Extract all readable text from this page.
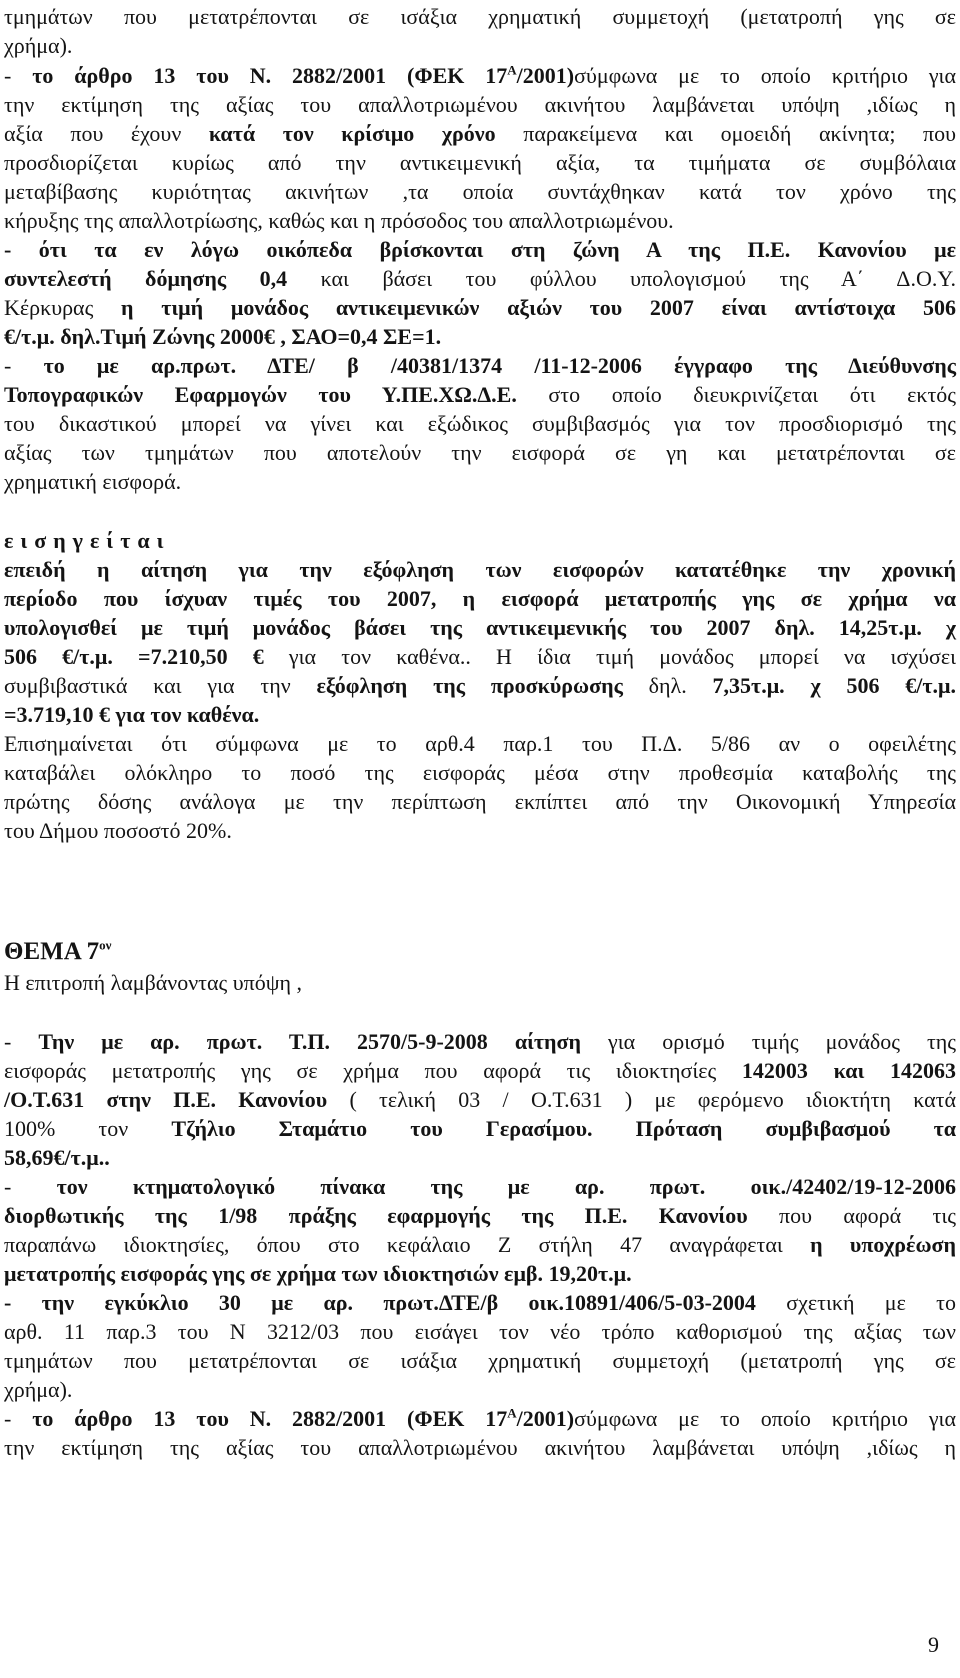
τμημάτων που μετατρέπονται σε ισάξια χρηματική συμμετοχή (μετατροπή γης σε
χρήμα).
- το άρθρο 13 του Ν. 2882/2001 (ΦΕΚ $17^A/2001)\sigma ύ\mu\varphi\omega\nu\alpha$ με το οποίο κριτήριο για
την εκτίμηση της αξίας του απαλλοτριωμένου ακινήτου λαμβάνεται υπόψη ,ιδίως η
αξία που έχουν κατά τον κρίσιμο χρόνο παρακείμενα και ομοειδή ακίνητα; που
προσδιορίζεται κυρίως από την αντικειμενική αξία, τα τιμήματα σε συμβόλαια
μεταβίβασης κυριότητας ακινήτων ,τα οποία συντάχθηκαν κατά τον χρόνο της
κήρυξης της απαλλοτρίωσης, καθώς και η πρόσοδος του απαλλοτριωμένου.
- ότι τα εν λόγω οικόπεδα βρίσκονται στη ζώνη Α της Π.Ε. Κανονίου με
συντελεστή δόμησης 0,4 και βάσει του φύλλου υπολογισμού της Α΄ Δ.Ο.Υ.
Κέρκυρας η τιμή μονάδος αντικειμενικών αξιών του 2007 είναι αντίστοιχα 506
€/τ.μ. δηλ.Τιμή Ζώνης 2000€ , ΣΑΟ=0,4 ΣΕ=1.
- το με αρ.πρωτ. ΔΤΕ/ β /40381/1374 /11-12-2006 έγγραφο της Διεύθυνσης
Τοπογραφικών Εφαρμογών του Υ.ΠΕ.ΧΩ.Δ.Ε. στο οποίο διευκρινίζεται ότι εκτός
του δικαστικού μπορεί να γίνει και εξώδικος συμβιβασμός για τον προσδιορισμό της
αξίας των τμημάτων που αποτελούν την εισφορά σε γη και μετατρέπονται σε
χρηματική εισφορά.
εισηγείται
επειδή η αίτηση για την εξόφληση των εισφορών κατατέθηκε την χρονική
περίοδο που ίσχυαν τιμές του 2007, η εισφορά μετατροπής γης σε χρήμα να
υπολογισθεί με τιμή μονάδος βάσει της αντικειμενικής του 2007 δηλ. 14,25τ.μ. χ
506 €/τ.μ. =7.210,50 € για τον καθένα.. Η ίδια τιμή μονάδος μπορεί να ισχύσει
συμβιβαστικά και για την εξόφληση της προσκύρωσης δηλ. 7,35τ.μ. χ 506 €/τ.μ.
=3.719,10 € για τον καθένα.
Επισημαίνεται ότι σύμφωνα με το αρθ.4 παρ.1 του Π.Δ. 5/86 αν ο οφειλέτης
καταβάλει ολόκληρο το ποσό της εισφοράς μέσα στην προθεσμία καταβολής της
πρώτης δόσης ανάλογα με την περίπτωση εκπίπτει από την Οικονομική Υπηρεσία
του Δήμου ποσοστό 20%.
ΘΕΜΑ $7^{o\nu}$
Η επιτροπή λαμβάνοντας υπόψη ,
- Την με αρ. πρωτ. Τ.Π. 2570/5-9-2008 αίτηση για ορισμό τιμής μονάδος της
εισφοράς μετατροπής γης σε χρήμα που αφορά τις ιδιοκτησίες 142003 και 142063
/Ο.Τ.631 στην Π.Ε. Κανονίου ( τελική 03 / Ο.Τ.631 ) με φερόμενο ιδιοκτήτη κατά
100% τον Τζήλιο Σταμάτιο του Γερασίμου. Πρόταση συμβιβασμού τα
58,69€/τ.μ..
- τον κτηματολογικό πίνακα της με αρ. πρωτ. οικ./42402/19-12-2006
διορθωτικής της 1/98 πράξης εφαρμογής της Π.Ε. Κανονίου που αφορά τις
παραπάνω ιδιοκτησίες, όπου στο κεφάλαιο Ζ στήλη 47 αναγράφεται η υποχρέωση
μετατροπής εισφοράς γης σε χρήμα των ιδιοκτησιών εμβ. 19,20τ.μ.
- την εγκύκλιο 30 με αρ. πρωτ.ΔΤΕ/β οικ.10891/406/5-03-2004 σχετική με το
αρθ. 11 παρ.3 του Ν 3212/03 που εισάγει τον νέο τρόπο καθορισμού της αξίας των
τμημάτων που μετατρέπονται σε ισάξια χρηματική συμμετοχή (μετατροπή γης σε
χρήμα).
- το άρθρο 13 του Ν. 2882/2001 (ΦΕΚ $17^A/2001)\sigma ύ\mu\varphi\omega\nu\alpha$ με το οποίο κριτήριο για
την εκτίμηση της αξίας του απαλλοτριωμένου ακινήτου λαμβάνεται υπόψη ,ιδίως η
9
